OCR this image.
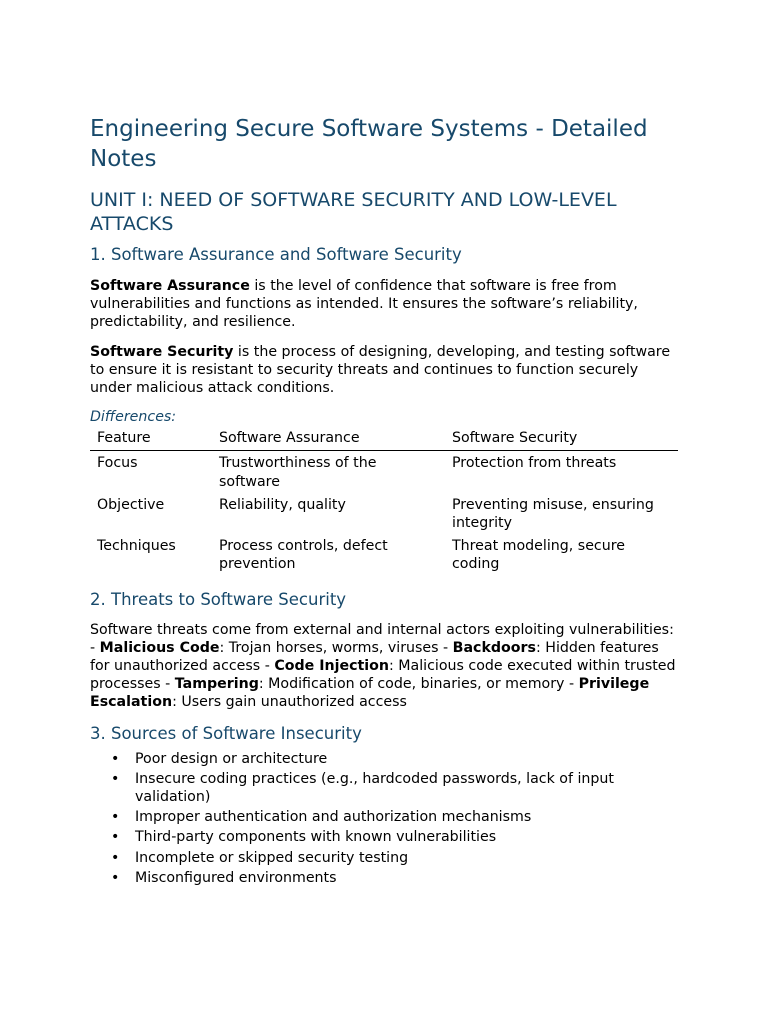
Engineering Secure Software Systems - Detailed Notes
UNIT I: NEED OF SOFTWARE SECURITY AND LOW-LEVEL ATTACKS
1. Software Assurance and Software Security

Software Assurance is the level of confidence that software is free from vulnerabilities and functions as intended. It ensures the software’s reliability, predictability, and resilience.

Software Security is the process of designing, developing, and testing software to ensure it is resistant to security threats and continues to function securely under malicious attack conditions.

Differences:
Feature	Software Assurance	Software Security
Focus	Trustworthiness of the software	Protection from threats
Objective	Reliability, quality	Preventing misuse, ensuring integrity
Techniques	Process controls, defect prevention	Threat modeling, secure coding
2. Threats to Software Security

Software threats come from external and internal actors exploiting vulnerabilities: - Malicious Code: Trojan horses, worms, viruses - Backdoors: Hidden features for unauthorized access - Code Injection: Malicious code executed within trusted processes - Tampering: Modification of code, binaries, or memory - Privilege Escalation: Users gain unauthorized access

3. Sources of Software Insecurity
• Poor design or architecture
• Insecure coding practices (e.g., hardcoded passwords, lack of input validation)
• Improper authentication and authorization mechanisms
• Third-party components with known vulnerabilities
• Incomplete or skipped security testing
• Misconfigured environments
